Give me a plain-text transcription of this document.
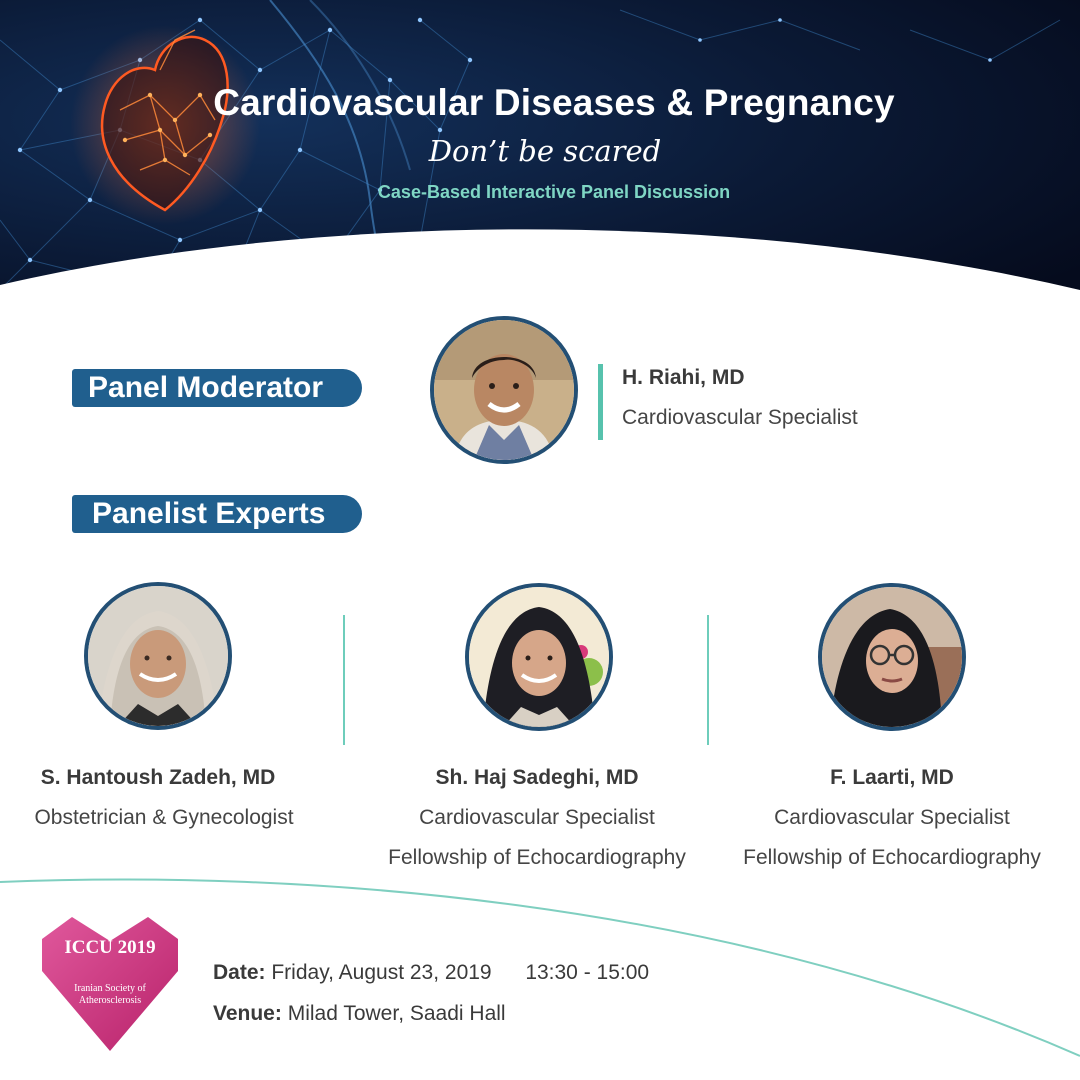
Cardiovascular Diseases & Pregnancy
Don’t be scared
Case-Based Interactive Panel Discussion
Panel Moderator	H. Riahi, MD
Cardiovascular Specialist
Panelist Experts
S. Hantoush Zadeh, MD
Obstetrician & Gynecologist
Sh. Haj Sadeghi, MD
Cardiovascular Specialist
Fellowship of Echocardiography
F. Laarti, MD
Cardiovascular Specialist
Fellowship of Echocardiography
ICCU 2019
Iranian Society of
Atherosclerosis
Date: Friday, August 23, 2019 13:30 - 15:00
Venue: Milad Tower, Saadi Hall
